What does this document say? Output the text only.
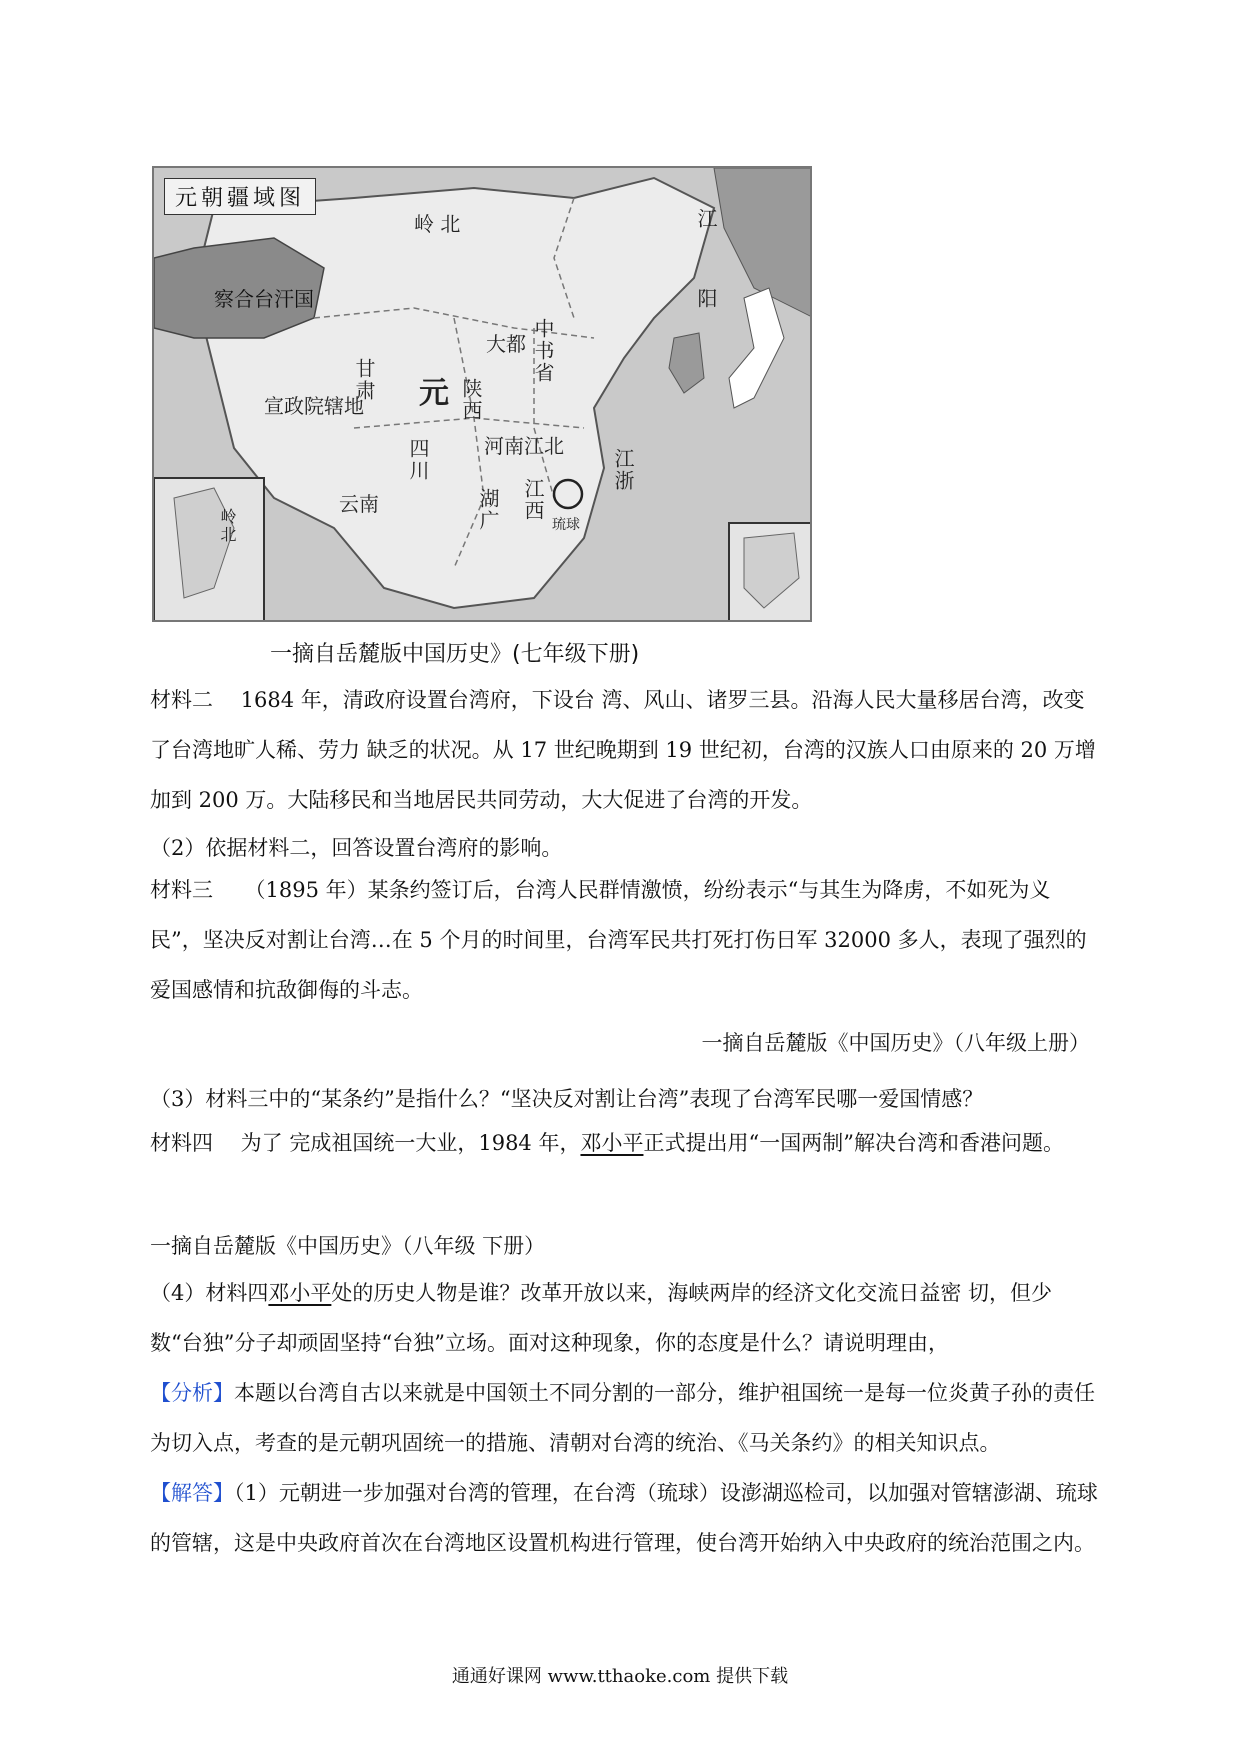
元朝疆域图
岭 北	江
阳
察合台汗国
甘肃 元
宣政院辖地	陕西
中书省
大都
河南江北
四川
云南	湖广 江西
江浙
琉球
岭北
一摘自岳麓版中国历史》(七年级下册)
材料二　 1684 年，清政府设置台湾府，下设台 湾、风山、诸罗三县。沿海人民大量移居台湾，改变了台湾地旷人稀、劳力 缺乏的状况。从 17 世纪晚期到 19 世纪初，台湾的汉族人口由原来的 20 万增加到 200 万。大陆移民和当地居民共同劳动，大大促进了台湾的开发。
（2）依据材料二，回答设置台湾府的影响。
材料三　　（1895 年）某条约签订后，台湾人民群情激愤，纷纷表示“与其生为降虏，不如死为义民”，坚决反对割让台湾…在 5 个月的时间里，台湾军民共打死打伤日军 32000 多人，表现了强烈的爱国感情和抗敌御侮的斗志。
一摘自岳麓版《中国历史》（八年级上册）
（3）材料三中的“某条约”是指什么？“坚决反对割让台湾”表现了台湾军民哪一爱国情感？
材料四　 为了 完成祖国统一大业，1984 年，邓小平正式提出用“一国两制”解决台湾和香港问题。
一摘自岳麓版《中国历史》（八年级 下册）
（4）材料四邓小平处的历史人物是谁？改革开放以来，海峡两岸的经济文化交流日益密 切，但少数“台独”分子却顽固坚持“台独”立场。面对这种现象，你的态度是什么？请说明理由，
【分析】本题以台湾自古以来就是中国领土不同分割的一部分，维护祖国统一是每一位炎黄子孙的责任为切入点，考查的是元朝巩固统一的措施、清朝对台湾的统治、《马关条约》的相关知识点。
【解答】（1）元朝进一步加强对台湾的管理，在台湾（琉球）设澎湖巡检司，以加强对管辖澎湖、琉球的管辖，这是中央政府首次在台湾地区设置机构进行管理，使台湾开始纳入中央政府的统治范围之内。
通通好课网 www.tthaoke.com 提供下载
